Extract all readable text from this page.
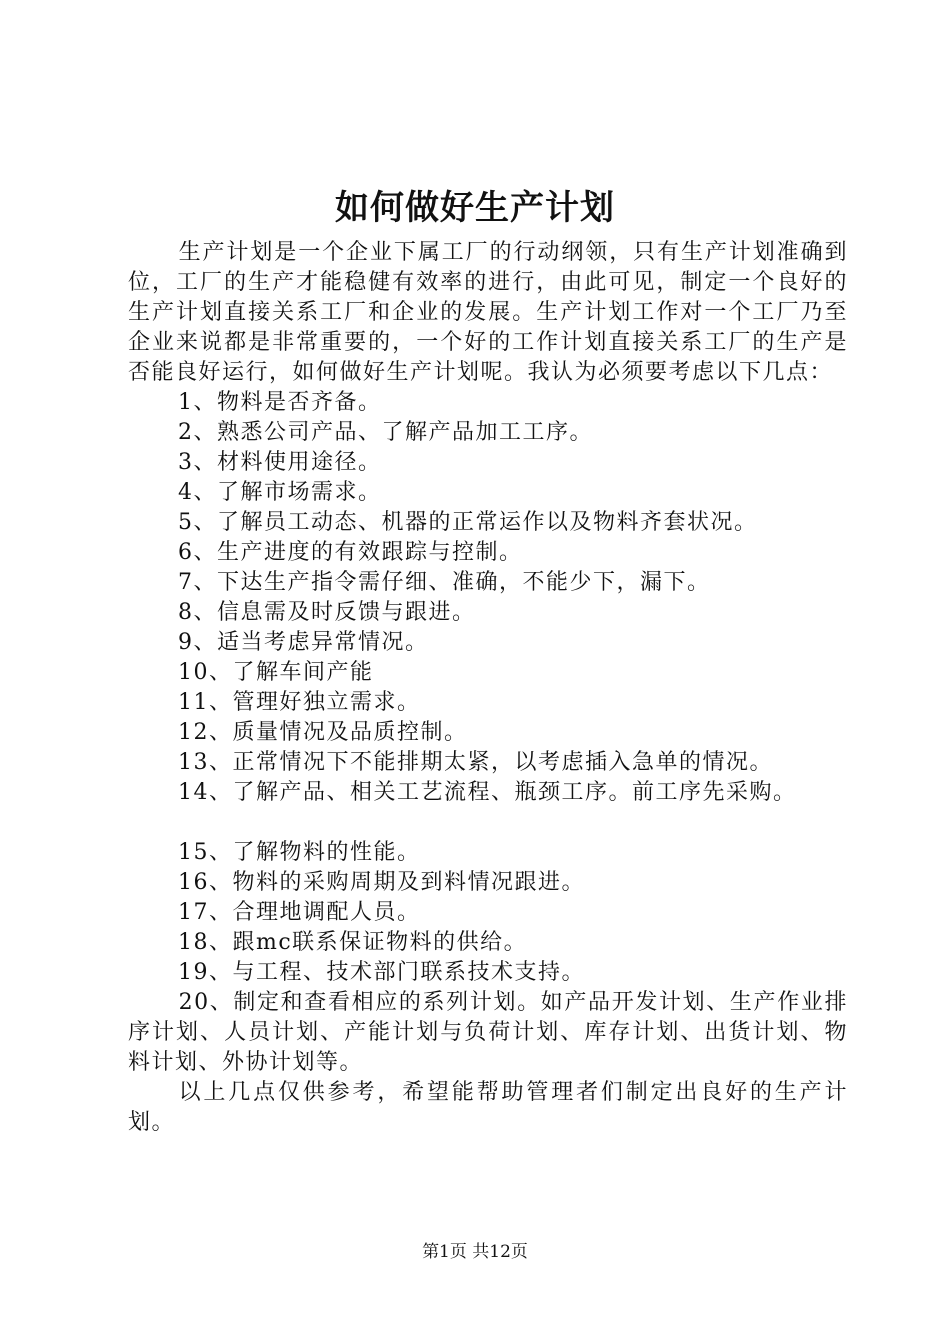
如何做好生产计划

生产计划是一个企业下属工厂的行动纲领，只有生产计划准确到位，工厂的生产才能稳健有效率的进行，由此可见，制定一个良好的生产计划直接关系工厂和企业的发展。生产计划工作对一个工厂乃至企业来说都是非常重要的，一个好的工作计划直接关系工厂的生产是否能良好运行，如何做好生产计划呢。我认为必须要考虑以下几点：

1、物料是否齐备。

2、熟悉公司产品、了解产品加工工序。

3、材料使用途径。

4、了解市场需求。

5、了解员工动态、机器的正常运作以及物料齐套状况。

6、生产进度的有效跟踪与控制。

7、下达生产指令需仔细、准确，不能少下，漏下。

8、信息需及时反馈与跟进。

9、适当考虑异常情况。

10、了解车间产能

11、管理好独立需求。

12、质量情况及品质控制。

13、正常情况下不能排期太紧，以考虑插入急单的情况。

14、了解产品、相关工艺流程、瓶颈工序。前工序先采购。

15、了解物料的性能。

16、物料的采购周期及到料情况跟进。

17、合理地调配人员。

18、跟mc联系保证物料的供给。

19、与工程、技术部门联系技术支持。

20、制定和查看相应的系列计划。如产品开发计划、生产作业排序计划、人员计划、产能计划与负荷计划、库存计划、出货计划、物料计划、外协计划等。

以上几点仅供参考，希望能帮助管理者们制定出良好的生产计划。

第1页 共12页
